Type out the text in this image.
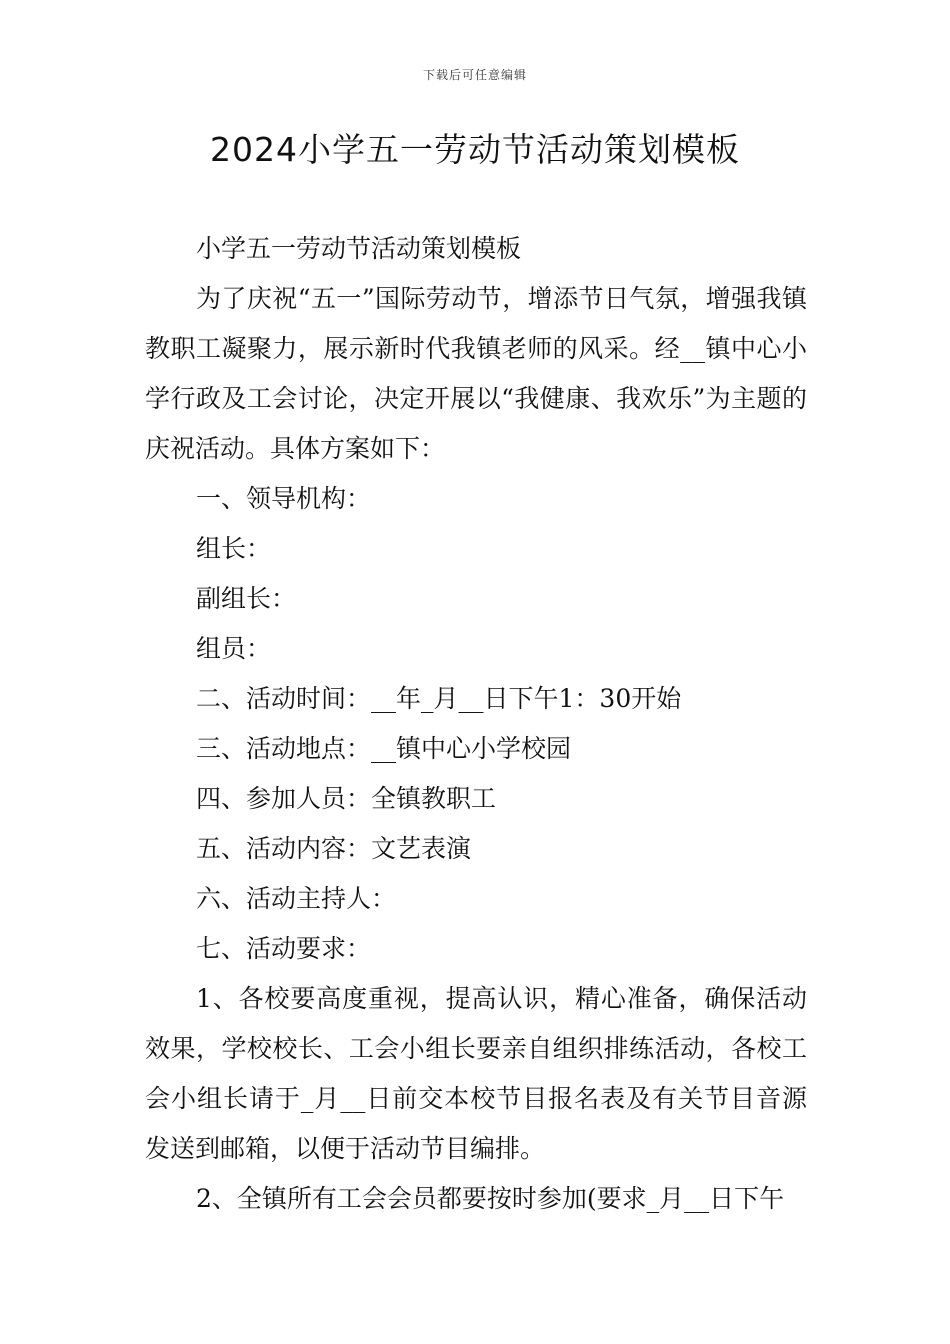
下载后可任意编辑
2024小学五一劳动节活动策划模板

小学五一劳动节活动策划模板

为了庆祝“五一”国际劳动节，增添节日气氛，增强我镇教职工凝聚力，展示新时代我镇老师的风采。经__镇中心小学行政及工会讨论，决定开展以“我健康、我欢乐”为主题的庆祝活动。具体方案如下：

一、领导机构：

组长：

副组长：

组员：

二、活动时间：__年_月__日下午1：30开始

三、活动地点：__镇中心小学校园

四、参加人员：全镇教职工

五、活动内容：文艺表演

六、活动主持人：

七、活动要求：

1、各校要高度重视，提高认识，精心准备，确保活动效果，学校校长、工会小组长要亲自组织排练活动，各校工会小组长请于_月__日前交本校节目报名表及有关节目音源发送到邮箱，以便于活动节目编排。

2、全镇所有工会会员都要按时参加(要求_月__日下午
